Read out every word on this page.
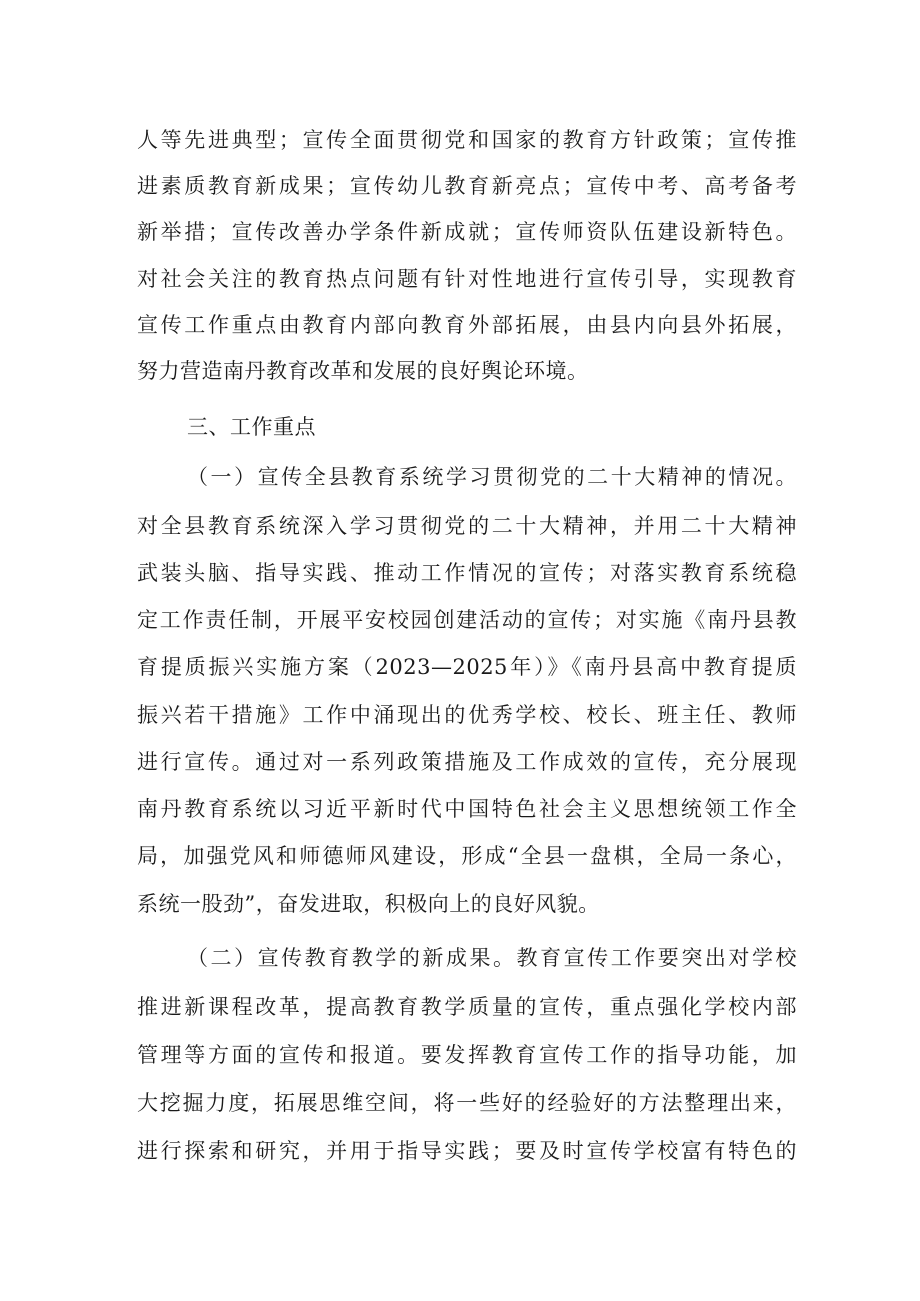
人等先进典型；宣传全面贯彻党和国家的教育方针政策；宣传推
进素质教育新成果；宣传幼儿教育新亮点；宣传中考、高考备考
新举措；宣传改善办学条件新成就；宣传师资队伍建设新特色。
对社会关注的教育热点问题有针对性地进行宣传引导，实现教育
宣传工作重点由教育内部向教育外部拓展，由县内向县外拓展，
努力营造南丹教育改革和发展的良好舆论环境。
三、工作重点
（一）宣传全县教育系统学习贯彻党的二十大精神的情况。
对全县教育系统深入学习贯彻党的二十大精神，并用二十大精神
武装头脑、指导实践、推动工作情况的宣传；对落实教育系统稳
定工作责任制，开展平安校园创建活动的宣传；对实施《南丹县教
育提质振兴实施方案（2023—2025年）》《南丹县高中教育提质
振兴若干措施》工作中涌现出的优秀学校、校长、班主任、教师
进行宣传。通过对一系列政策措施及工作成效的宣传，充分展现
南丹教育系统以习近平新时代中国特色社会主义思想统领工作全
局，加强党风和师德师风建设，形成“全县一盘棋，全局一条心，
系统一股劲”，奋发进取，积极向上的良好风貌。
（二）宣传教育教学的新成果。教育宣传工作要突出对学校
推进新课程改革，提高教育教学质量的宣传，重点强化学校内部
管理等方面的宣传和报道。要发挥教育宣传工作的指导功能，加
大挖掘力度，拓展思维空间，将一些好的经验好的方法整理出来，
进行探索和研究，并用于指导实践；要及时宣传学校富有特色的
